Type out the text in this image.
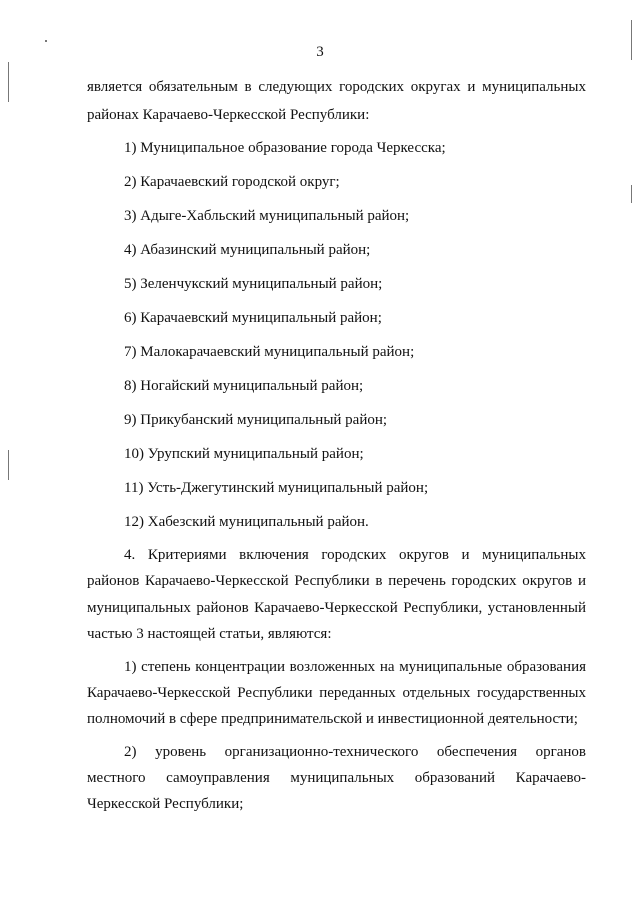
3
является обязательным в следующих городских округах и муниципальных
районах Карачаево-Черкесской Республики:
1) Муниципальное образование города Черкесска;
2) Карачаевский городской округ;
3) Адыге-Хабльский муниципальный район;
4) Абазинский муниципальный район;
5) Зеленчукский муниципальный район;
6) Карачаевский муниципальный район;
7) Малокарачаевский муниципальный район;
8) Ногайский муниципальный район;
9) Прикубанский муниципальный район;
10) Урупский муниципальный район;
11) Усть-Джегутинский муниципальный район;
12) Хабезский муниципальный район.
4. Критериями включения городских округов и муниципальных
районов Карачаево-Черкесской Республики в перечень городских округов и
муниципальных районов Карачаево-Черкесской Республики, установленный
частью 3 настоящей статьи, являются:
1) степень концентрации возложенных на муниципальные образования
Карачаево-Черкесской Республики переданных отдельных государственных
полномочий в сфере предпринимательской и инвестиционной деятельности;
2) уровень организационно-технического обеспечения органов
местного самоуправления муниципальных образований Карачаево-
Черкесской Республики;
